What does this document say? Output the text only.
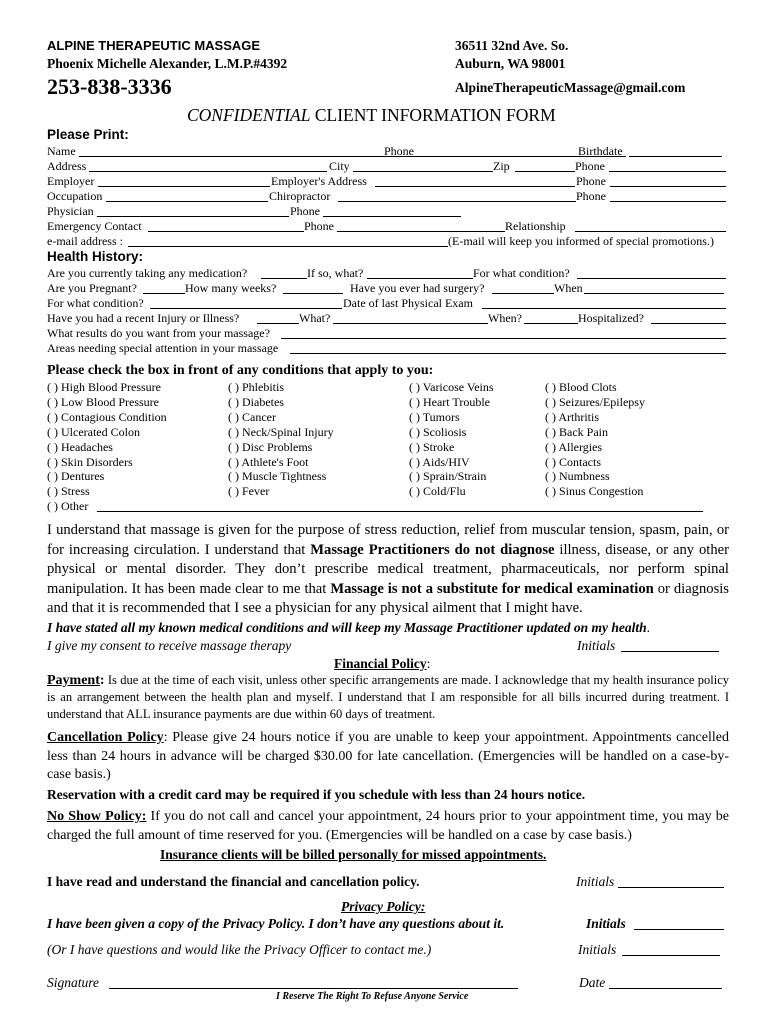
ALPINE THERAPEUTIC MASSAGE
Phoenix Michelle Alexander, L.M.P.#4392
253-838-3336
36511 32nd Ave. So.
Auburn, WA 98001
AlpineTherapeuticMassage@gmail.com
CONFIDENTIAL CLIENT INFORMATION FORM
Please Print:
Name	Phone	Birthdate
Address	City	Zip	Phone
Employer	Employer's Address	Phone
Occupation	Chiropractor	Phone
Physician	Phone
Emergency Contact	Phone	Relationship
e-mail address :	(E-mail will keep you informed of special promotions.)
Health History:
Are you currently taking any medication?	If so, what?	For what condition?
Are you Pregnant?	How many weeks?	Have you ever had surgery?	When
For what condition?	Date of last Physical Exam
Have you had a recent Injury or Illness?	What?	When?	Hospitalized?
What results do you want from your massage?
Areas needing special attention in your massage
Please check the box in front of any conditions that apply to you:
( ) High Blood Pressure
( ) Low Blood Pressure
( ) Contagious Condition
( ) Ulcerated Colon
( ) Headaches
( ) Skin Disorders
( ) Dentures
( ) Stress
( ) Phlebitis
( ) Diabetes
( ) Cancer
( ) Neck/Spinal Injury
( ) Disc Problems
( ) Athlete's Foot
( ) Muscle Tightness
( ) Fever
( ) Varicose Veins
( ) Heart Trouble
( ) Tumors
( ) Scoliosis
( ) Stroke
( ) Aids/HIV
( ) Sprain/Strain
( ) Cold/Flu
( ) Blood Clots
( ) Seizures/Epilepsy
( ) Arthritis
( ) Back Pain
( ) Allergies
( ) Contacts
( ) Numbness
( ) Sinus Congestion
( ) Other
I understand that massage is given for the purpose of stress reduction, relief from muscular tension, spasm, pain, or for increasing circulation. I understand that Massage Practitioners do not diagnose illness, disease, or any other physical or mental disorder. They don’t prescribe medical treatment, pharmaceuticals, nor perform spinal manipulation. It has been made clear to me that Massage is not a substitute for medical examination or diagnosis and that it is recommended that I see a physician for any physical ailment that I might have.
I have stated all my known medical conditions and will keep my Massage Practitioner updated on my health.
I give my consent to receive massage therapy	Initials
Financial Policy:
Payment: Is due at the time of each visit, unless other specific arrangements are made. I acknowledge that my health insurance policy is an arrangement between the health plan and myself. I understand that I am responsible for all bills incurred during treatment. I understand that ALL insurance payments are due within 60 days of treatment.
Cancellation Policy: Please give 24 hours notice if you are unable to keep your appointment. Appointments cancelled less than 24 hours in advance will be charged $30.00 for late cancellation. (Emergencies will be handled on a case-by-case basis.)
Reservation with a credit card may be required if you schedule with less than 24 hours notice.
No Show Policy: If you do not call and cancel your appointment, 24 hours prior to your appointment time, you may be charged the full amount of time reserved for you. (Emergencies will be handled on a case by case basis.)
Insurance clients will be billed personally for missed appointments.
I have read and understand the financial and cancellation policy.	Initials
Privacy Policy:
I have been given a copy of the Privacy Policy. I don’t have any questions about it.	Initials
(Or I have questions and would like the Privacy Officer to contact me.)	Initials
Signature	Date
I Reserve The Right To Refuse Anyone Service
